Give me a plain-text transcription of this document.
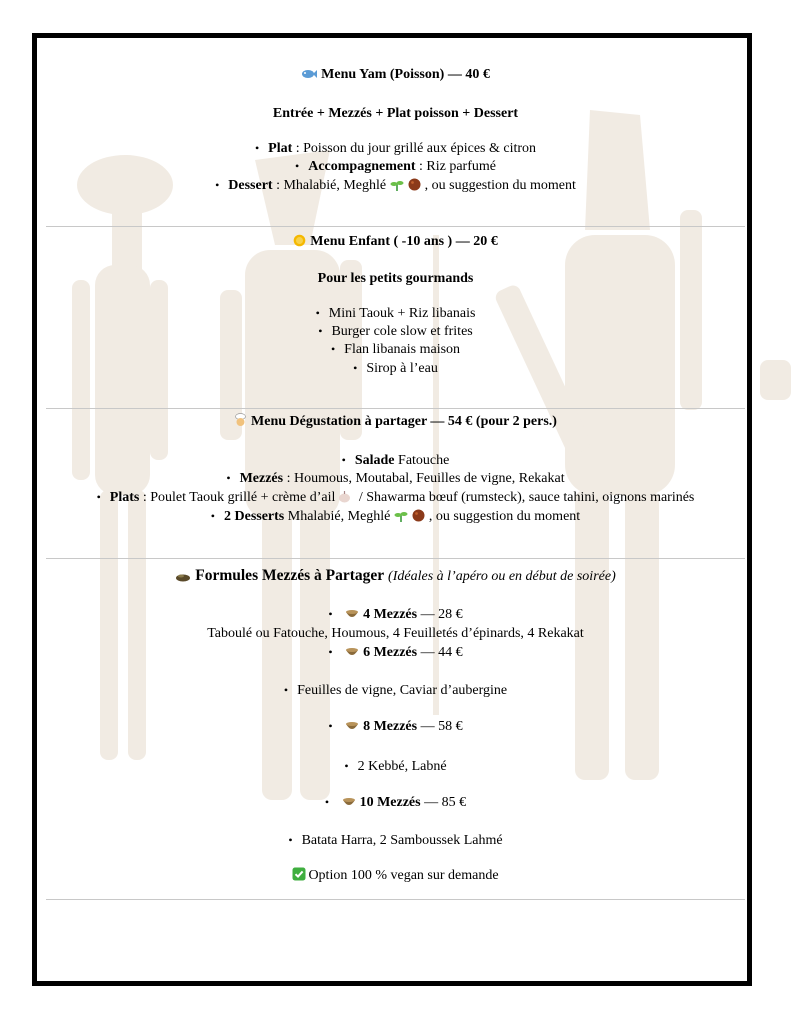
Menu Yam (Poisson) — 40 €
Entrée + Mezzés + Plat poisson + Dessert
• Plat : Poisson du jour grillé aux épices & citron
• Accompagnement : Riz parfumé
• Dessert : Mhalabié, Meghlé	, ou suggestion du moment
Menu Enfant ( -10 ans ) — 20 €
Pour les petits gourmands
• Mini Taouk + Riz libanais
• Burger cole slow et frites
• Flan libanais maison
• Sirop à l’eau
Menu Dégustation à partager — 54 € (pour 2 pers.)
• Salade Fatouche
• Mezzés : Houmous, Moutabal, Feuilles de vigne, Rekakat
• Plats : Poulet Taouk grillé + crème d’ail / Shawarma bœuf (rumsteck), sauce tahini, oignons marinés
• 2 Desserts Mhalabié, Meghlé	, ou suggestion du moment
Formules Mezzés à Partager (Idéales à l’apéro ou en début de soirée)
• 4 Mezzés — 28 €
Taboulé ou Fatouche, Houmous, 4 Feuilletés d’épinards, 4 Rekakat
• 6 Mezzés — 44 €
• Feuilles de vigne, Caviar d’aubergine
• 8 Mezzés — 58 €
• 2 Kebbé, Labné
• 10 Mezzés — 85 €
• Batata Harra, 2 Samboussek Lahmé
Option 100 % vegan sur demande
